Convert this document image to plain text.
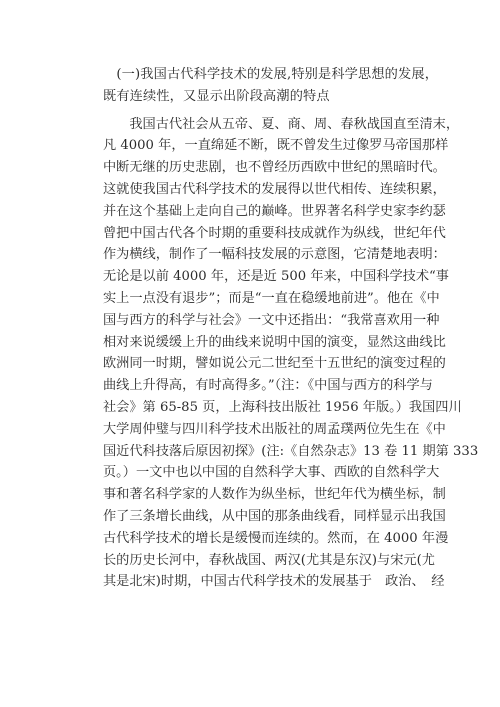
　(一)我国古代科学技术的发展,特别是科学思想的发展，
既有连续性，又显示出阶段高潮的特点
　　我国古代社会从五帝、夏、商、周、春秋战国直至清末，
凡 4000 年，一直绵延不断，既不曾发生过像罗马帝国那样
中断无继的历史悲剧，也不曾经历西欧中世纪的黑暗时代。
这就使我国古代科学技术的发展得以世代相传、连续积累，
并在这个基础上走向自己的巅峰。世界著名科学史家李约瑟
曾把中国古代各个时期的重要科技成就作为纵线，世纪年代
作为横线，制作了一幅科技发展的示意图，它清楚地表明：
无论是以前 4000 年，还是近 500 年来，中国科学技术“事
实上一点没有退步”；而是“一直在稳缓地前进”。他在《中
国与西方的科学与社会》一文中还指出：“我常喜欢用一种
相对来说缓缓上升的曲线来说明中国的演变，显然这曲线比
欧洲同一时期，譬如说公元二世纪至十五世纪的演变过程的
曲线上升得高，有时高得多。”（注：《中国与西方的科学与
社会》第 65-85 页，上海科技出版社 1956 年版。）我国四川
大学周仲璧与四川科学技术出版社的周孟璞两位先生在《中
国近代科技落后原因初探》(注:《自然杂志》13 卷 11 期第 333
页。）一文中也以中国的自然科学大事、西欧的自然科学大
事和著名科学家的人数作为纵坐标，世纪年代为横坐标，制
作了三条增长曲线，从中国的那条曲线看，同样显示出我国
古代科学技术的增长是缓慢而连续的。然而，在 4000 年漫
长的历史长河中，春秋战国、两汉(尤其是东汉)与宋元(尤
其是北宋)时期，中国古代科学技术的发展基于　政治、　经
